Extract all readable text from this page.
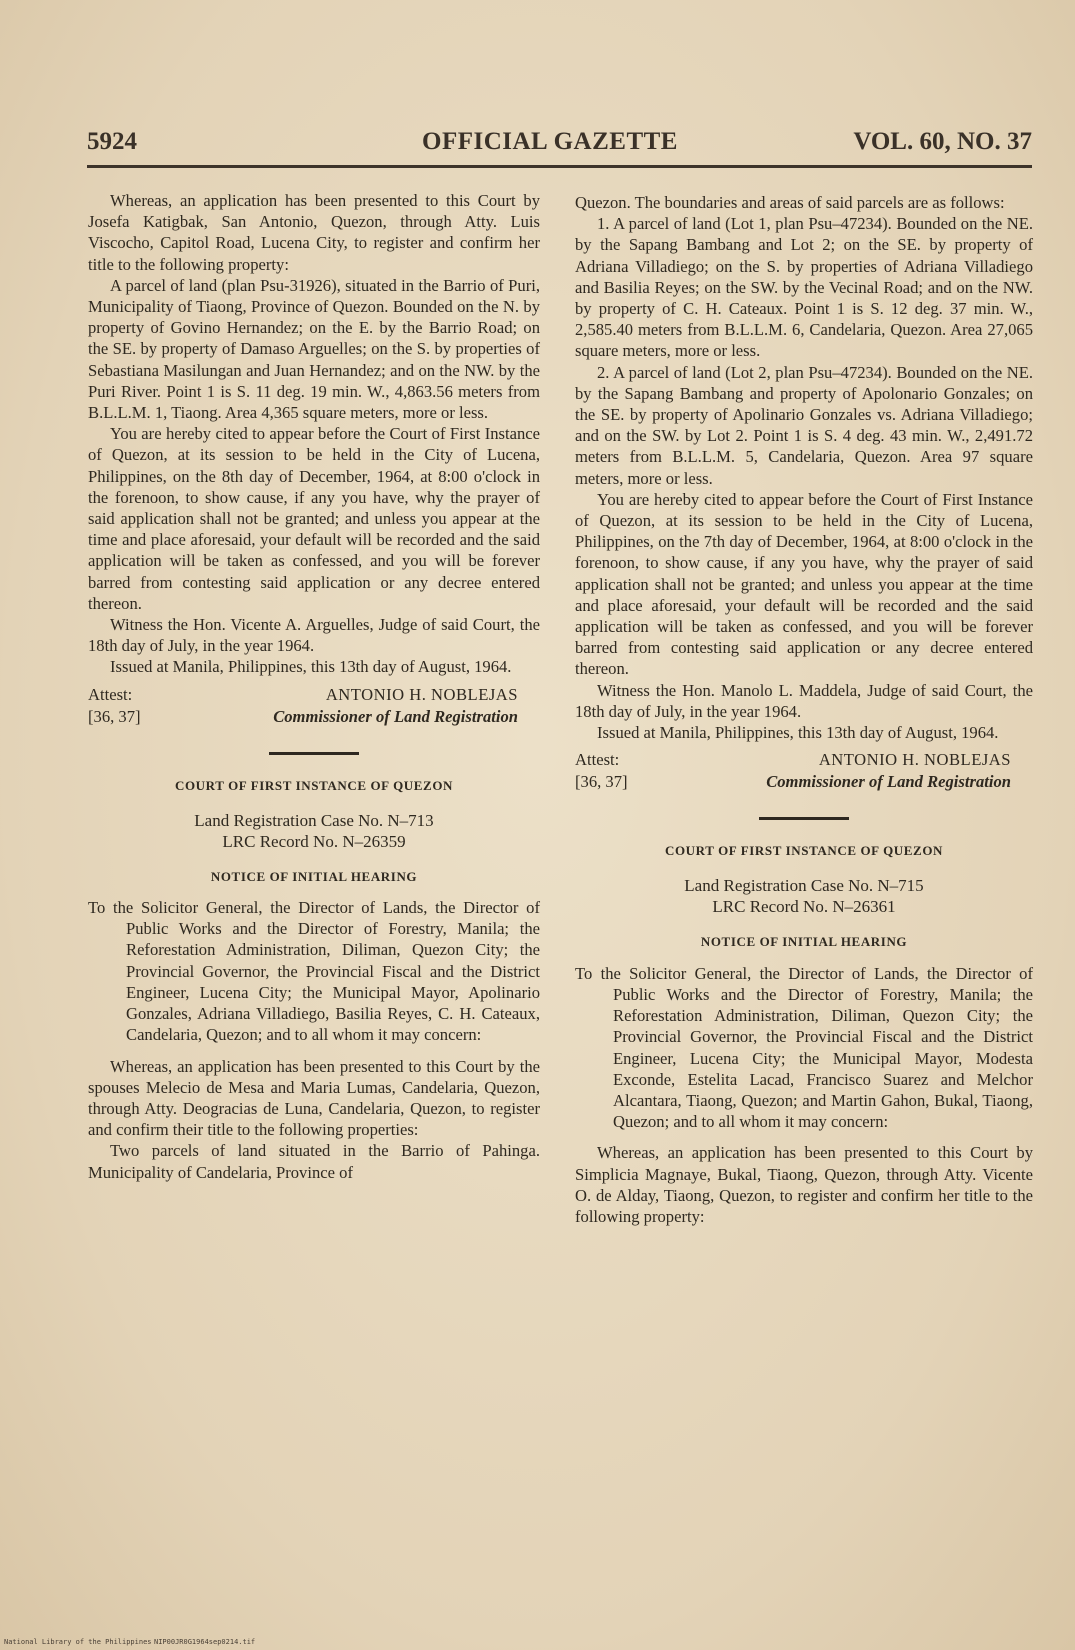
5924	OFFICIAL GAZETTE	VOL. 60, NO. 37

Whereas, an application has been presented to this Court by Josefa Katigbak, San Antonio, Quezon, through Atty. Luis Viscocho, Capitol Road, Lucena City, to register and confirm her title to the following property:

A parcel of land (plan Psu-31926), situated in the Barrio of Puri, Municipality of Tiaong, Province of Quezon. Bounded on the N. by property of Govino Hernandez; on the E. by the Barrio Road; on the SE. by property of Damaso Arguelles; on the S. by properties of Sebastiana Masilungan and Juan Hernandez; and on the NW. by the Puri River. Point 1 is S. 11 deg. 19 min. W., 4,863.56 meters from B.L.L.M. 1, Tiaong. Area 4,365 square meters, more or less.

You are hereby cited to appear before the Court of First Instance of Quezon, at its session to be held in the City of Lucena, Philippines, on the 8th day of December, 1964, at 8:00 o'clock in the forenoon, to show cause, if any you have, why the prayer of said application shall not be granted; and unless you appear at the time and place aforesaid, your default will be recorded and the said application will be taken as confessed, and you will be forever barred from contesting said application or any decree entered thereon.

Witness the Hon. Vicente A. Arguelles, Judge of said Court, the 18th day of July, in the year 1964.

Issued at Manila, Philippines, this 13th day of August, 1964.

Attest:	ANTONIO H. NOBLEJAS
[36, 37]	Commissioner of Land Registration
COURT OF FIRST INSTANCE OF QUEZON
Land Registration Case No. N–713
LRC Record No. N–26359
NOTICE OF INITIAL HEARING

To the Solicitor General, the Director of Lands, the Director of Public Works and the Director of Forestry, Manila; the Reforestation Administration, Diliman, Quezon City; the Provincial Governor, the Provincial Fiscal and the District Engineer, Lucena City; the Municipal Mayor, Apolinario Gonzales, Adriana Villadiego, Basilia Reyes, C. H. Cateaux, Candelaria, Quezon; and to all whom it may concern:

Whereas, an application has been presented to this Court by the spouses Melecio de Mesa and Maria Lumas, Candelaria, Quezon, through Atty. Deogracias de Luna, Candelaria, Quezon, to register and confirm their title to the following properties:

Two parcels of land situated in the Barrio of Pahinga. Municipality of Candelaria, Province of

Quezon. The boundaries and areas of said parcels are as follows:

1. A parcel of land (Lot 1, plan Psu–47234). Bounded on the NE. by the Sapang Bambang and Lot 2; on the SE. by property of Adriana Villadiego; on the S. by properties of Adriana Villadiego and Basilia Reyes; on the SW. by the Vecinal Road; and on the NW. by property of C. H. Cateaux. Point 1 is S. 12 deg. 37 min. W., 2,585.40 meters from B.L.L.M. 6, Candelaria, Quezon. Area 27,065 square meters, more or less.

2. A parcel of land (Lot 2, plan Psu–47234). Bounded on the NE. by the Sapang Bambang and property of Apolonario Gonzales; on the SE. by property of Apolinario Gonzales vs. Adriana Villadiego; and on the SW. by Lot 2. Point 1 is S. 4 deg. 43 min. W., 2,491.72 meters from B.L.L.M. 5, Candelaria, Quezon. Area 97 square meters, more or less.

You are hereby cited to appear before the Court of First Instance of Quezon, at its session to be held in the City of Lucena, Philippines, on the 7th day of December, 1964, at 8:00 o'clock in the forenoon, to show cause, if any you have, why the prayer of said application shall not be granted; and unless you appear at the time and place aforesaid, your default will be recorded and the said application will be taken as confessed, and you will be forever barred from contesting said application or any decree entered thereon.

Witness the Hon. Manolo L. Maddela, Judge of said Court, the 18th day of July, in the year 1964.

Issued at Manila, Philippines, this 13th day of August, 1964.

Attest:	ANTONIO H. NOBLEJAS
[36, 37]	Commissioner of Land Registration
COURT OF FIRST INSTANCE OF QUEZON
Land Registration Case No. N–715
LRC Record No. N–26361
NOTICE OF INITIAL HEARING

To the Solicitor General, the Director of Lands, the Director of Public Works and the Director of Forestry, Manila; the Reforestation Administration, Diliman, Quezon City; the Provincial Governor, the Provincial Fiscal and the District Engineer, Lucena City; the Municipal Mayor, Modesta Exconde, Estelita Lacad, Francisco Suarez and Melchor Alcantara, Tiaong, Quezon; and Martin Gahon, Bukal, Tiaong, Quezon; and to all whom it may concern:

Whereas, an application has been presented to this Court by Simplicia Magnaye, Bukal, Tiaong, Quezon, through Atty. Vicente O. de Alday, Tiaong, Quezon, to register and confirm her title to the following property:

National Library of the Philippines NIP00JR0G1964sep0214.tif
